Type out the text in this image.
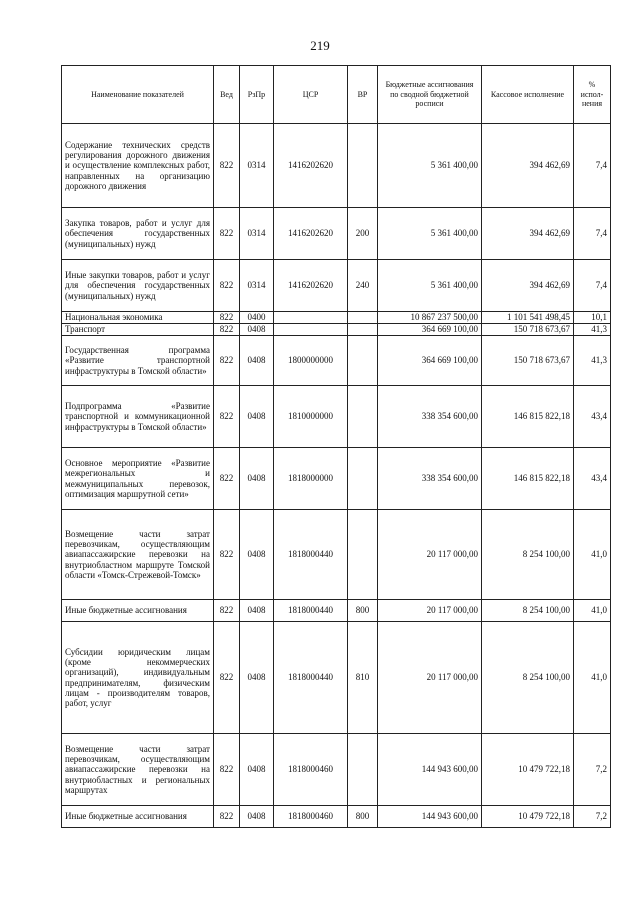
219
Наименование показателей	Вед	РзПр	ЦСР	ВР	Бюджетные ассигнования по сводной бюджетной росписи	Кассовое исполнение	% испол-нения
Содержание технических средств регулирования дорожного движения и осуществление комплексных работ, направленных на организацию дорожного движения	822	0314	1416202620		5 361 400,00	394 462,69	7,4
Закупка товаров, работ и услуг для обеспечения государственных (муниципальных) нужд	822	0314	1416202620	200	5 361 400,00	394 462,69	7,4
Иные закупки товаров, работ и услуг для обеспечения государственных (муниципальных) нужд	822	0314	1416202620	240	5 361 400,00	394 462,69	7,4
Национальная экономика	822	0400			10 867 237 500,00	1 101 541 498,45	10,1
Транспорт	822	0408			364 669 100,00	150 718 673,67	41,3
Государственная программа «Развитие транспортной инфраструктуры в Томской области»	822	0408	1800000000		364 669 100,00	150 718 673,67	41,3
Подпрограмма «Развитие транспортной и коммуникационной инфраструктуры в Томской области»	822	0408	1810000000		338 354 600,00	146 815 822,18	43,4
Основное мероприятие «Развитие межрегиональных и межмуниципальных перевозок, оптимизация маршрутной сети»	822	0408	1818000000		338 354 600,00	146 815 822,18	43,4
Возмещение части затрат перевозчикам, осуществляющим авиапассажирские перевозки на внутриобластном маршруте Томской области «Томск-Стрежевой-Томск»	822	0408	1818000440		20 117 000,00	8 254 100,00	41,0
Иные бюджетные ассигнования	822	0408	1818000440	800	20 117 000,00	8 254 100,00	41,0
Субсидии юридическим лицам (кроме некоммерческих организаций), индивидуальным предпринимателям, физическим лицам - производителям товаров, работ, услуг	822	0408	1818000440	810	20 117 000,00	8 254 100,00	41,0
Возмещение части затрат перевозчикам, осуществляющим авиапассажирские перевозки на внутриобластных и региональных маршрутах	822	0408	1818000460		144 943 600,00	10 479 722,18	7,2
Иные бюджетные ассигнования	822	0408	1818000460	800	144 943 600,00	10 479 722,18	7,2
